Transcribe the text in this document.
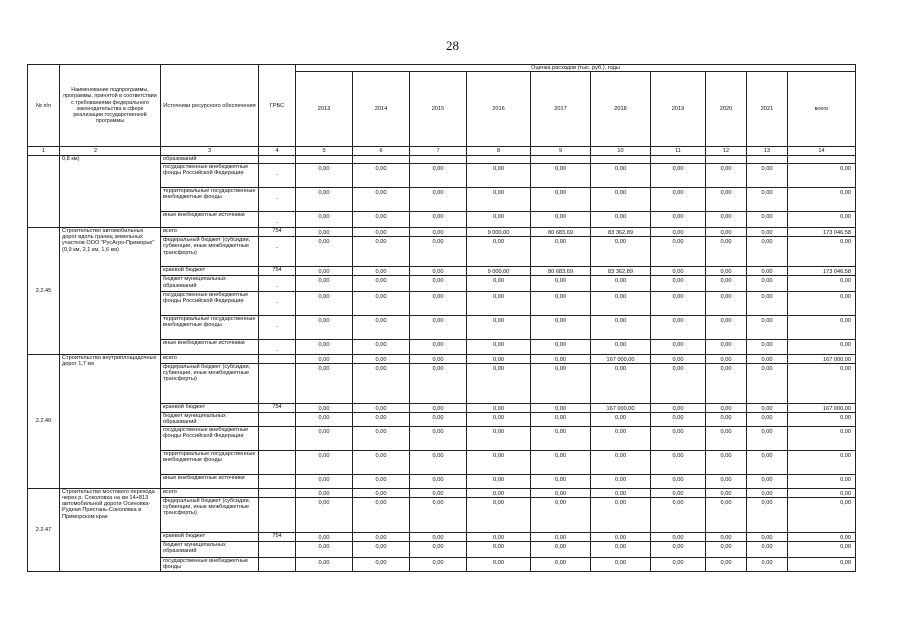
28
№ п/п	Наименование подпрограммы, программы, принятой в соответствии с требованиями федерального законодательства в сфере реализации государственной программы	Источники ресурсного обеспечения	ГРБС	Оценка расходов (тыс. руб.), годы									
				2013	2014	2015	2016	2017	2018	2019	2020	2021	всего
1	2	3	4	5	6	7	8	9	10	11	12	13	14
	0,8 км)	образований											
		государственные внебюджетные фонды Российской Федерации	-	0,00	0,00	0,00	0,00	0,00	0,00	0,00	0,00	0,00	0,00
		территориальные государственные внебюджетные фонды	-	0,00	0,00	0,00	0,00	0,00	0,00	0,00	0,00	0,00	0,00
		иные внебюджетные источники	-	0,00	0,00	0,00	0,00	0,00	0,00	0,00	0,00	0,00	0,00
2.2.45	Строительство автомобильных дорог вдоль границ земельных участков ООО "РусАгро-Приморье" (0,9 км, 2,1 км, 1,6 км)	всего	754	0,00	0,00	0,00	9 000,00	80 683,69	83 362,89	0,00	0,00	0,00	173 046,58
		федеральный бюджет (субсидии, субвенции, иные межбюджетные трансферты)	-	0,00	0,00	0,00	0,00	0,00	0,00	0,00	0,00	0,00	0,00
		краевой бюджет	754	0,00	0,00	0,00	9 000,00	80 683,69	83 362,89	0,00	0,00	0,00	173 046,58
		бюджет муниципальных образований	-	0,00	0,00	0,00	0,00	0,00	0,00	0,00	0,00	0,00	0,00
		государственные внебюджетные фонды Российской Федерации	-	0,00	0,00	0,00	0,00	0,00	0,00	0,00	0,00	0,00	0,00
		территориальные государственные внебюджетные фонды	-	0,00	0,00	0,00	0,00	0,00	0,00	0,00	0,00	0,00	0,00
		иные внебюджетные источники	-	0,00	0,00	0,00	0,00	0,00	0,00	0,00	0,00	0,00	0,00
2.2.46	Строительство внутриплощадочных дорог 1,7 км	всего		0,00	0,00	0,00	0,00	0,00	167 000,00	0,00	0,00	0,00	167 000,00
		федеральный бюджет (субсидии, субвенции, иные межбюджетные трансферты)		0,00	0,00	0,00	0,00	0,00	0,00	0,00	0,00	0,00	0,00
		краевой бюджет	754	0,00	0,00	0,00	0,00	0,00	167 000,00	0,00	0,00	0,00	167 000,00
		бюджет муниципальных образований		0,00	0,00	0,00	0,00	0,00	0,00	0,00	0,00	0,00	0,00
		государственные внебюджетные фонды Российской Федерации		0,00	0,00	0,00	0,00	0,00	0,00	0,00	0,00	0,00	0,00
		территориальные государственные внебюджетные фонды		0,00	0,00	0,00	0,00	0,00	0,00	0,00	0,00	0,00	0,00
		иные внебюджетные источники		0,00	0,00	0,00	0,00	0,00	0,00	0,00	0,00	0,00	0,00
2.2.47	Строительство мостового перехода через р. Соколовка на км 14+813 автомобильной дороги Осиновка-Рудная Пристань-Соколовка в Приморском крае	всего		0,00	0,00	0,00	0,00	0,00	0,00	0,00	0,00	0,00	0,00
		федеральный бюджет (субсидии, субвенции, иные межбюджетные трансферты)		0,00	0,00	0,00	0,00	0,00	0,00	0,00	0,00	0,00	0,00
		краевой бюджет	754	0,00	0,00	0,00	0,00	0,00	0,00	0,00	0,00	0,00	0,00
		бюджет муниципальных образований		0,00	0,00	0,00	0,00	0,00	0,00	0,00	0,00	0,00	0,00
		государственные внебюджетные фонды		0,00	0,00	0,00	0,00	0,00	0,00	0,00	0,00	0,00	0,00
